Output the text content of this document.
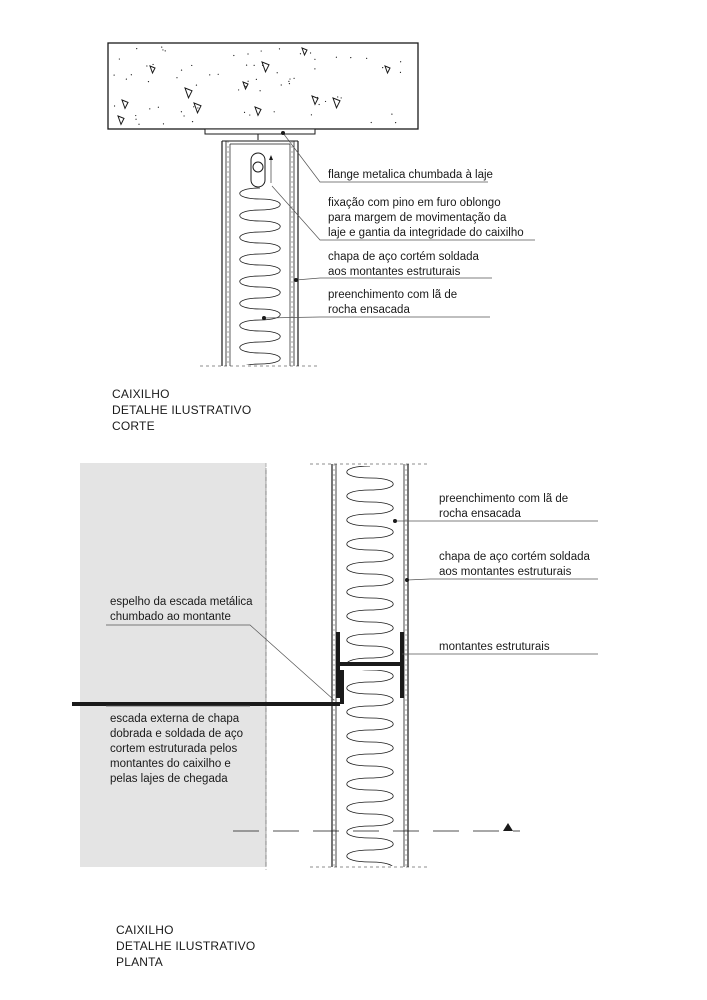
flange metalica chumbada à laje
fixação com pino em furo oblongo para margem de movimentação da laje e gantia da integridade do caixilho
chapa de aço cortém soldada aos montantes estruturais
preenchimento com lã de rocha ensacada
CAIXILHO DETALHE ILUSTRATIVO CORTE
preenchimento com lã de rocha ensacada
chapa de aço cortém soldada aos montantes estruturais
montantes estruturais
espelho da escada metálica chumbado ao montante
escada externa de chapa dobrada e soldada de aço cortem estruturada pelos montantes do caixilho e pelas lajes de chegada
CAIXILHO DETALHE ILUSTRATIVO PLANTA
